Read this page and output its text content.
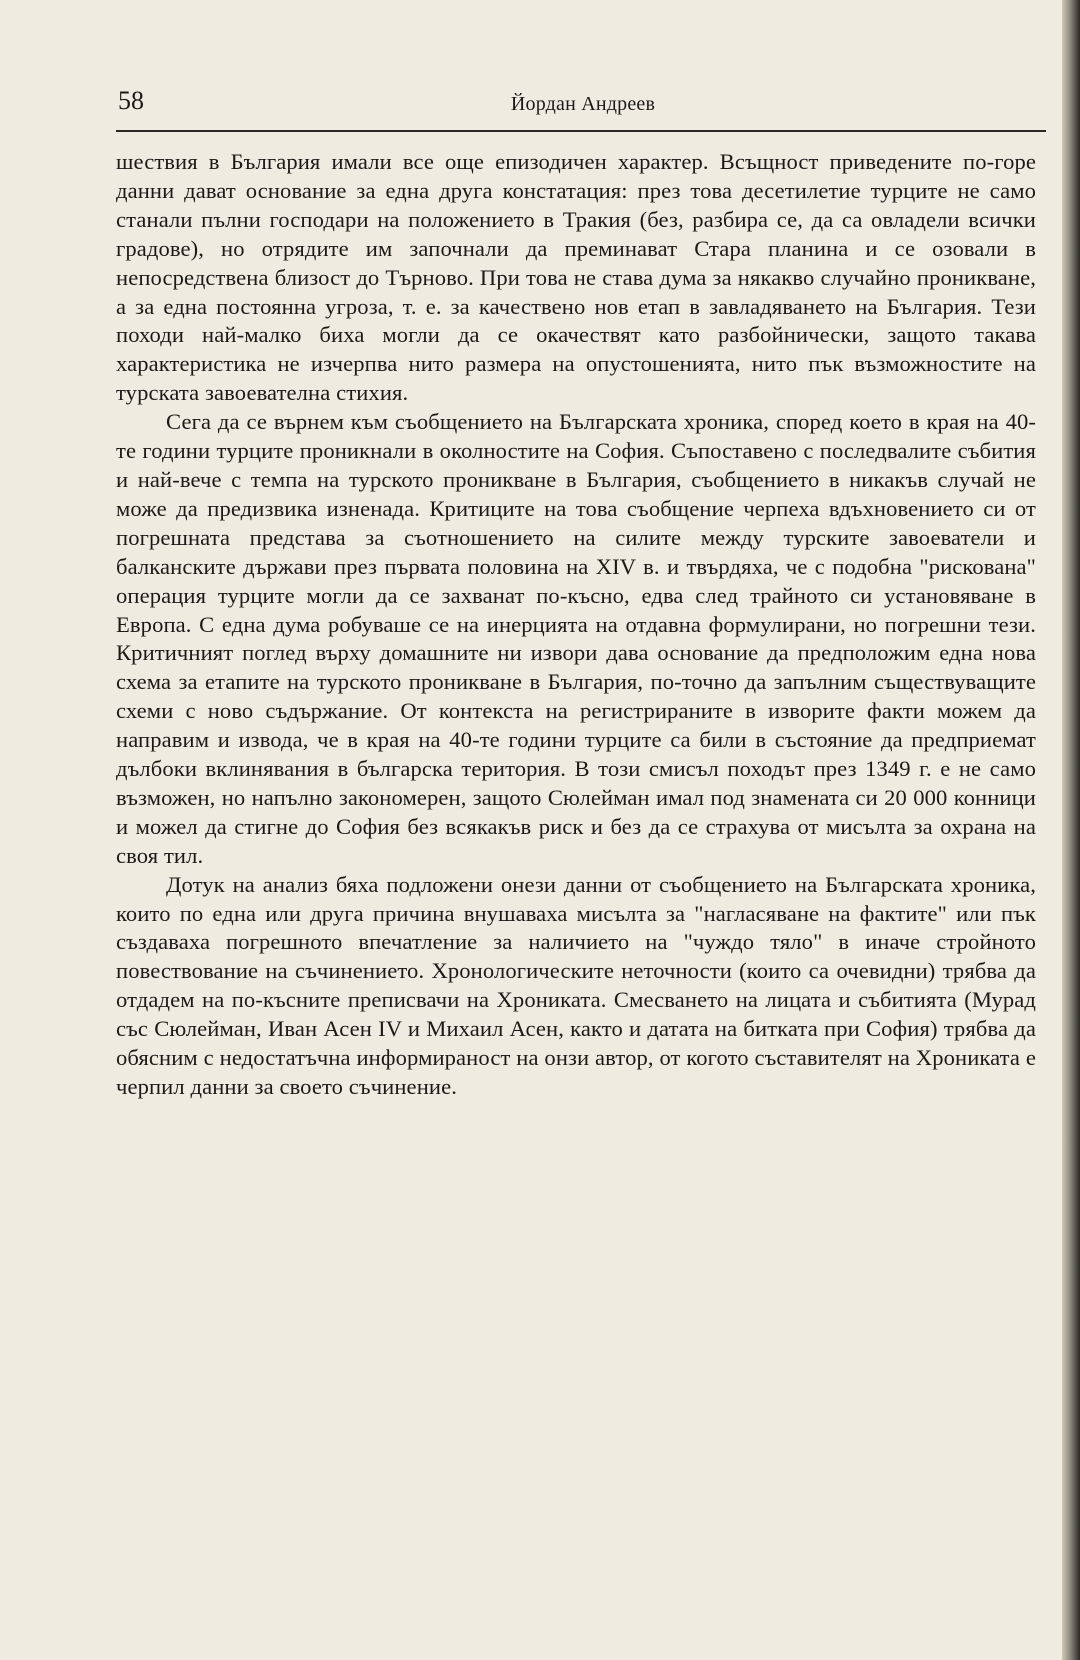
58	Йордан Андреев

шествия в България имали все още епизодичен характер. Всъщност приведените по-горе данни дават основание за една друга констатация: през това десетилетие турците не само станали пълни господари на положението в Тракия (без, разбира се, да са овладели всички градове), но отрядите им започнали да преминават Стара планина и се озовали в непосредствена близост до Търново. При това не става дума за някакво случайно проникване, а за една постоянна угроза, т. е. за качествено нов етап в завладяването на България. Тези походи най-малко биха могли да се окачествят като разбойнически, защото такава характеристика не изчерпва нито размера на опустошенията, нито пък възможностите на турската завоевателна стихия.

Сега да се върнем към съобщението на Българската хроника, според което в края на 40-те години турците проникнали в околностите на София. Съпоставено с последвалите събития и най-вече с темпа на турското проникване в България, съобщението в никакъв случай не може да предизвика изненада. Критиците на това съобщение черпеха вдъхновението си от погрешната представа за съотношението на силите между турските завоеватели и балканските държави през първата половина на XIV в. и твърдяха, че с подобна "рискована" операция турците могли да се захванат по-късно, едва след трайното си установяване в Европа. С една дума робуваше се на инерцията на отдавна формулирани, но погрешни тези. Критичният поглед върху домашните ни извори дава основание да предположим една нова схема за етапите на турското проникване в България, по-точно да запълним съществуващите схеми с ново съдържание. От контекста на регистрираните в изворите факти можем да направим и извода, че в края на 40-те години турците са били в състояние да предприемат дълбоки вклинявания в българска територия. В този смисъл походът през 1349 г. е не само възможен, но напълно закономерен, защото Сюлейман имал под знамената си 20 000 конници и можел да стигне до София без всякакъв риск и без да се страхува от мисълта за охрана на своя тил.

Дотук на анализ бяха подложени онези данни от съобщението на Българската хроника, които по една или друга причина внушаваха мисълта за "нагласяване на фактите" или пък създаваха погрешното впечатление за наличието на "чуждо тяло" в иначе стройното повествование на съчинението. Хронологическите неточности (които са очевидни) трябва да отдадем на по-късните преписвачи на Хрониката. Смесването на лицата и събитията (Мурад със Сюлейман, Иван Асен IV и Михаил Асен, както и датата на битката при София) трябва да обясним с недостатъчна информираност на онзи автор, от когото съставителят на Хрониката е черпил данни за своето съчинение.
